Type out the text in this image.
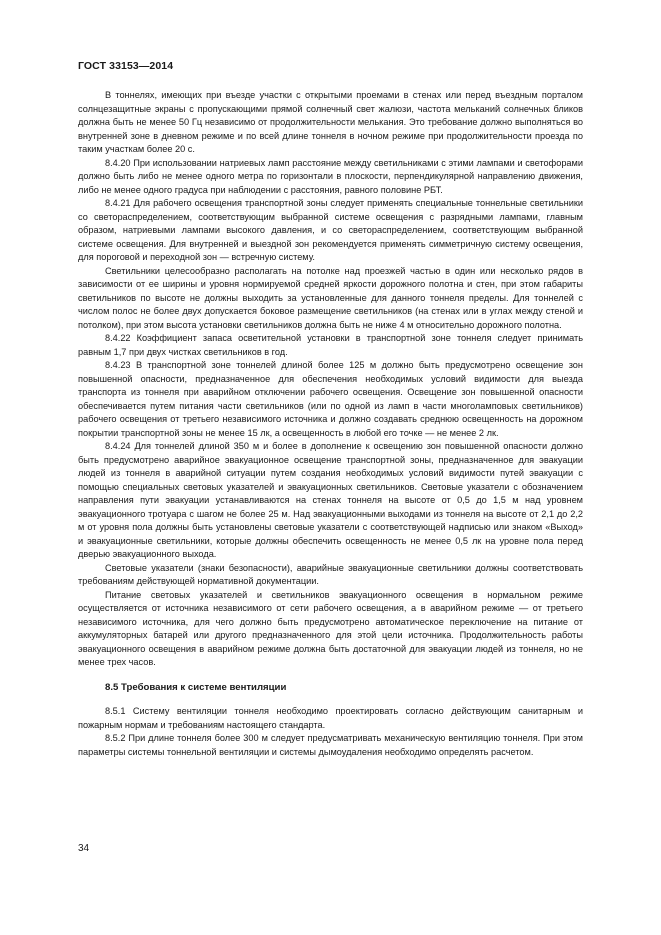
ГОСТ 33153—2014

В тоннелях, имеющих при въезде участки с открытыми проемами в стенах или перед въездным порталом солнцезащитные экраны с пропускающими прямой солнечный свет жалюзи, частота мельканий солнечных бликов должна быть не менее 50 Гц независимо от продолжительности мелькания. Это требование должно выполняться во внутренней зоне в дневном режиме и по всей длине тоннеля в ночном режиме при продолжительности проезда по таким участкам более 20 с.

8.4.20 При использовании натриевых ламп расстояние между светильниками с этими лампами и светофорами должно быть либо не менее одного метра по горизонтали в плоскости, перпендикулярной направлению движения, либо не менее одного градуса при наблюдении с расстояния, равного половине РБТ.

8.4.21 Для рабочего освещения транспортной зоны следует применять специальные тоннельные светильники со светораспределением, соответствующим выбранной системе освещения с разрядными лампами, главным образом, натриевыми лампами высокого давления, и со светораспределением, соответствующим выбранной системе освещения. Для внутренней и выездной зон рекомендуется применять симметричную систему освещения, для пороговой и переходной зон — встречную систему.

Светильники целесообразно располагать на потолке над проезжей частью в один или несколько рядов в зависимости от ее ширины и уровня нормируемой средней яркости дорожного полотна и стен, при этом габариты светильников по высоте не должны выходить за установленные для данного тоннеля пределы. Для тоннелей с числом полос не более двух допускается боковое размещение светильников (на стенах или в углах между стеной и потолком), при этом высота установки светильников должна быть не ниже 4 м относительно дорожного полотна.

8.4.22 Коэффициент запаса осветительной установки в транспортной зоне тоннеля следует принимать равным 1,7 при двух чистках светильников в год.

8.4.23 В транспортной зоне тоннелей длиной более 125 м должно быть предусмотрено освещение зон повышенной опасности, предназначенное для обеспечения необходимых условий видимости для выезда транспорта из тоннеля при аварийном отключении рабочего освещения. Освещение зон повышенной опасности обеспечивается путем питания части светильников (или по одной из ламп в части многоламповых светильников) рабочего освещения от третьего независимого источника и должно создавать среднюю освещенность на дорожном покрытии транспортной зоны не менее 15 лк, а освещенность в любой его точке — не менее 2 лк.

8.4.24 Для тоннелей длиной 350 м и более в дополнение к освещению зон повышенной опасности должно быть предусмотрено аварийное эвакуационное освещение транспортной зоны, предназначенное для эвакуации людей из тоннеля в аварийной ситуации путем создания необходимых условий видимости путей эвакуации с помощью специальных световых указателей и эвакуационных светильников. Световые указатели с обозначением направления пути эвакуации устанавливаются на стенах тоннеля на высоте от 0,5 до 1,5 м над уровнем эвакуационного тротуара с шагом не более 25 м. Над эвакуационными выходами из тоннеля на высоте от 2,1 до 2,2 м от уровня пола должны быть установлены световые указатели с соответствующей надписью или знаком «Выход» и эвакуационные светильники, которые должны обеспечить освещенность не менее 0,5 лк на уровне пола перед дверью эвакуационного выхода.

Световые указатели (знаки безопасности), аварийные эвакуационные светильники должны соответствовать требованиям действующей нормативной документации.

Питание световых указателей и светильников эвакуационного освещения в нормальном режиме осуществляется от источника независимого от сети рабочего освещения, а в аварийном режиме — от третьего независимого источника, для чего должно быть предусмотрено автоматическое переключение на питание от аккумуляторных батарей или другого предназначенного для этой цели источника. Продолжительность работы эвакуационного освещения в аварийном режиме должна быть достаточной для эвакуации людей из тоннеля, но не менее трех часов.

8.5 Требования к системе вентиляции

8.5.1 Систему вентиляции тоннеля необходимо проектировать согласно действующим санитарным и пожарным нормам и требованиям настоящего стандарта.

8.5.2 При длине тоннеля более 300 м следует предусматривать механическую вентиляцию тоннеля. При этом параметры системы тоннельной вентиляции и системы дымоудаления необходимо определять расчетом.

34
